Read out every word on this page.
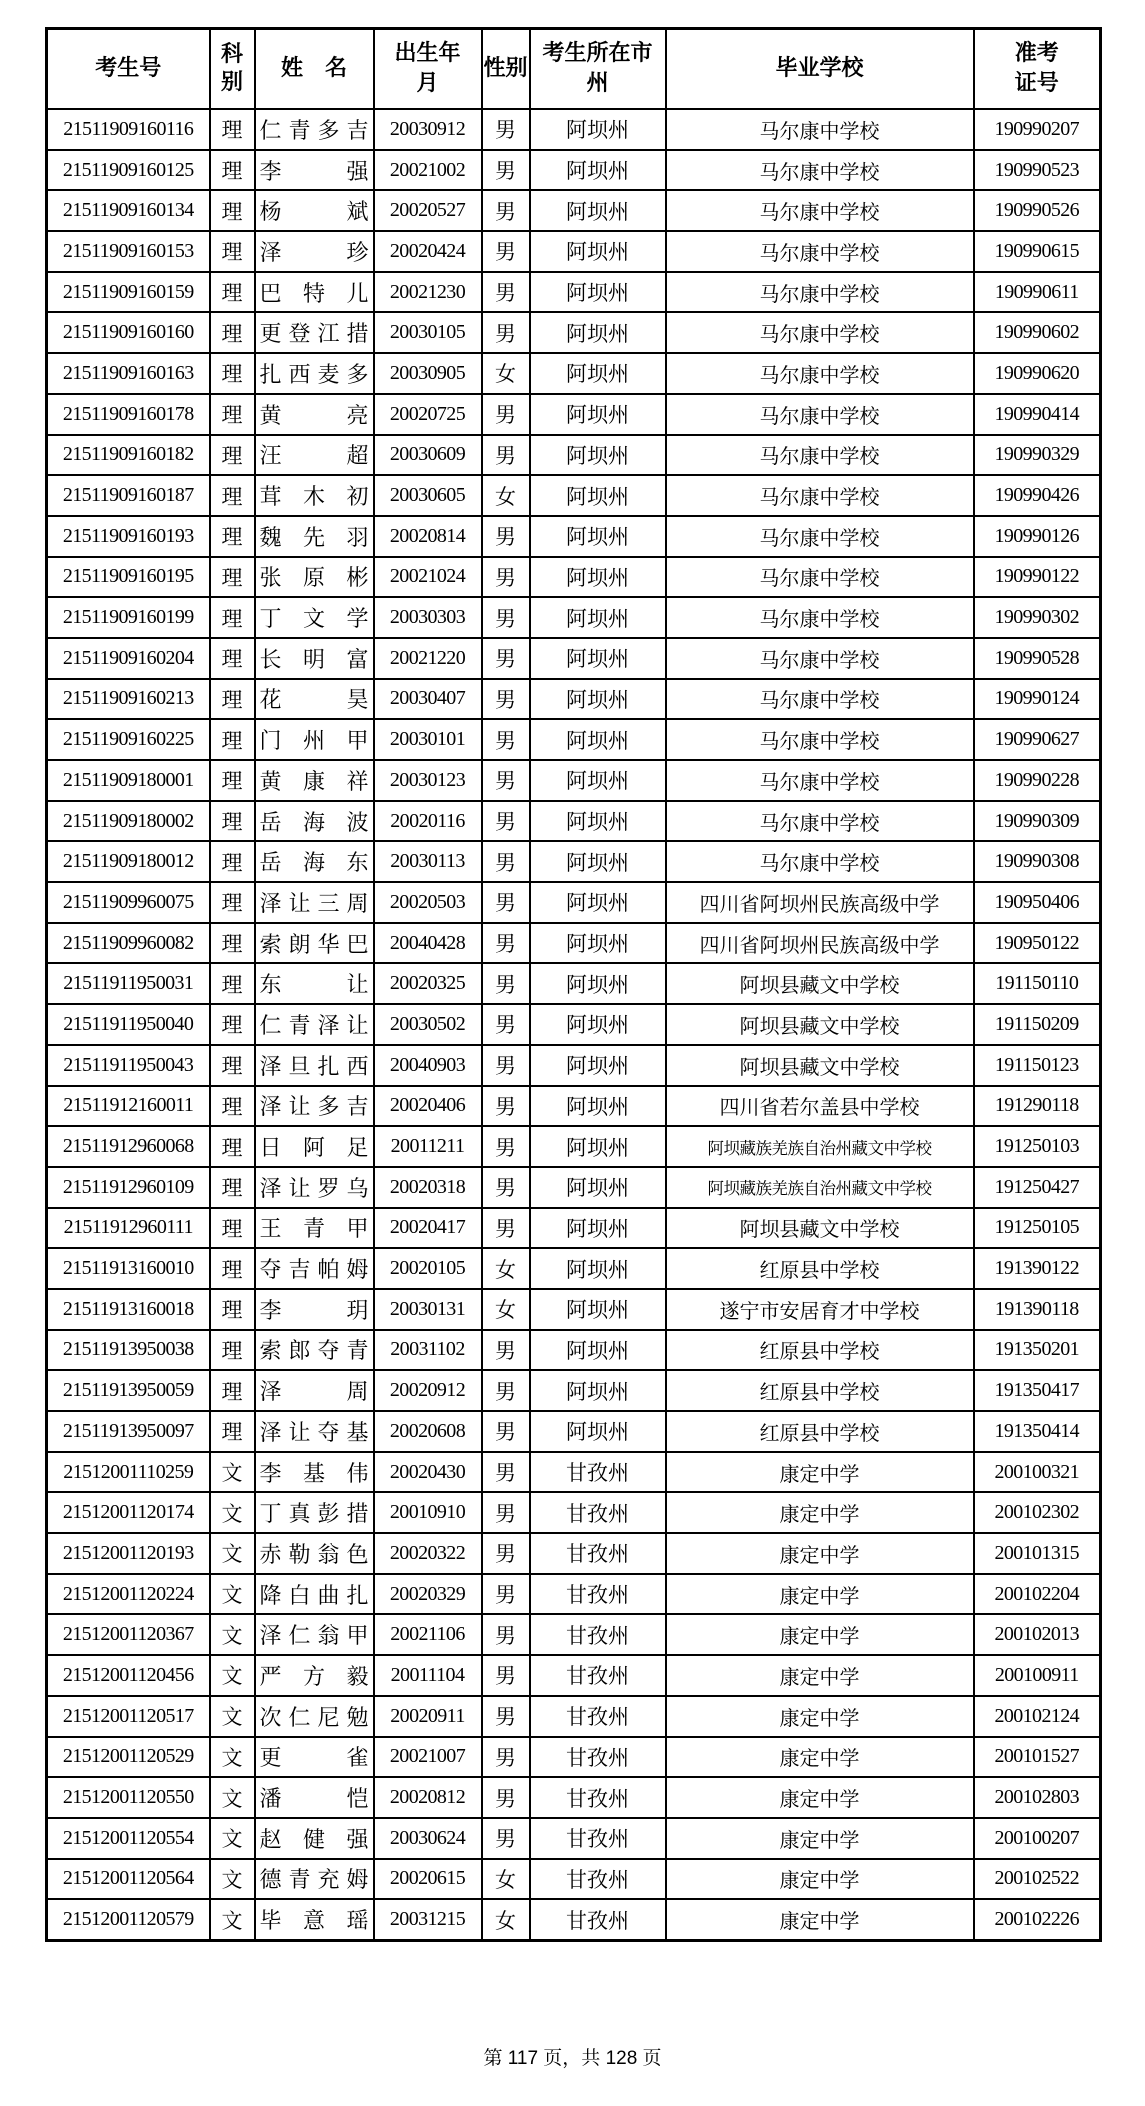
考生号	科别	姓　名	出生年月	性别	考生所在市州	毕业学校	准考证号
21511909160116	理	仁青多吉	20030912	男	阿坝州	马尔康中学校	190990207
21511909160125	理	李强	20021002	男	阿坝州	马尔康中学校	190990523
21511909160134	理	杨斌	20020527	男	阿坝州	马尔康中学校	190990526
21511909160153	理	泽珍	20020424	男	阿坝州	马尔康中学校	190990615
21511909160159	理	巴特儿	20021230	男	阿坝州	马尔康中学校	190990611
21511909160160	理	更登江措	20030105	男	阿坝州	马尔康中学校	190990602
21511909160163	理	扎西麦多	20030905	女	阿坝州	马尔康中学校	190990620
21511909160178	理	黄亮	20020725	男	阿坝州	马尔康中学校	190990414
21511909160182	理	汪超	20030609	男	阿坝州	马尔康中学校	190990329
21511909160187	理	茸木初	20030605	女	阿坝州	马尔康中学校	190990426
21511909160193	理	魏先羽	20020814	男	阿坝州	马尔康中学校	190990126
21511909160195	理	张原彬	20021024	男	阿坝州	马尔康中学校	190990122
21511909160199	理	丁文学	20030303	男	阿坝州	马尔康中学校	190990302
21511909160204	理	长明富	20021220	男	阿坝州	马尔康中学校	190990528
21511909160213	理	花昊	20030407	男	阿坝州	马尔康中学校	190990124
21511909160225	理	门州甲	20030101	男	阿坝州	马尔康中学校	190990627
21511909180001	理	黄康祥	20030123	男	阿坝州	马尔康中学校	190990228
21511909180002	理	岳海波	20020116	男	阿坝州	马尔康中学校	190990309
21511909180012	理	岳海东	20030113	男	阿坝州	马尔康中学校	190990308
21511909960075	理	泽让三周	20020503	男	阿坝州	四川省阿坝州民族高级中学	190950406
21511909960082	理	索朗华巴	20040428	男	阿坝州	四川省阿坝州民族高级中学	190950122
21511911950031	理	东让	20020325	男	阿坝州	阿坝县藏文中学校	191150110
21511911950040	理	仁青泽让	20030502	男	阿坝州	阿坝县藏文中学校	191150209
21511911950043	理	泽旦扎西	20040903	男	阿坝州	阿坝县藏文中学校	191150123
21511912160011	理	泽让多吉	20020406	男	阿坝州	四川省若尔盖县中学校	191290118
21511912960068	理	日阿足	20011211	男	阿坝州	阿坝藏族羌族自治州藏文中学校	191250103
21511912960109	理	泽让罗乌	20020318	男	阿坝州	阿坝藏族羌族自治州藏文中学校	191250427
21511912960111	理	王青甲	20020417	男	阿坝州	阿坝县藏文中学校	191250105
21511913160010	理	夺吉帕姆	20020105	女	阿坝州	红原县中学校	191390122
21511913160018	理	李玥	20030131	女	阿坝州	遂宁市安居育才中学校	191390118
21511913950038	理	索郎夺青	20031102	男	阿坝州	红原县中学校	191350201
21511913950059	理	泽周	20020912	男	阿坝州	红原县中学校	191350417
21511913950097	理	泽让夺基	20020608	男	阿坝州	红原县中学校	191350414
21512001110259	文	李基伟	20020430	男	甘孜州	康定中学	200100321
21512001120174	文	丁真彭措	20010910	男	甘孜州	康定中学	200102302
21512001120193	文	赤勒翁色	20020322	男	甘孜州	康定中学	200101315
21512001120224	文	降白曲扎	20020329	男	甘孜州	康定中学	200102204
21512001120367	文	泽仁翁甲	20021106	男	甘孜州	康定中学	200102013
21512001120456	文	严方毅	20011104	男	甘孜州	康定中学	200100911
21512001120517	文	次仁尼勉	20020911	男	甘孜州	康定中学	200102124
21512001120529	文	更雀	20021007	男	甘孜州	康定中学	200101527
21512001120550	文	潘恺	20020812	男	甘孜州	康定中学	200102803
21512001120554	文	赵健强	20030624	男	甘孜州	康定中学	200100207
21512001120564	文	德青充姆	20020615	女	甘孜州	康定中学	200102522
21512001120579	文	毕意瑶	20031215	女	甘孜州	康定中学	200102226
第 117 页，共 128 页
